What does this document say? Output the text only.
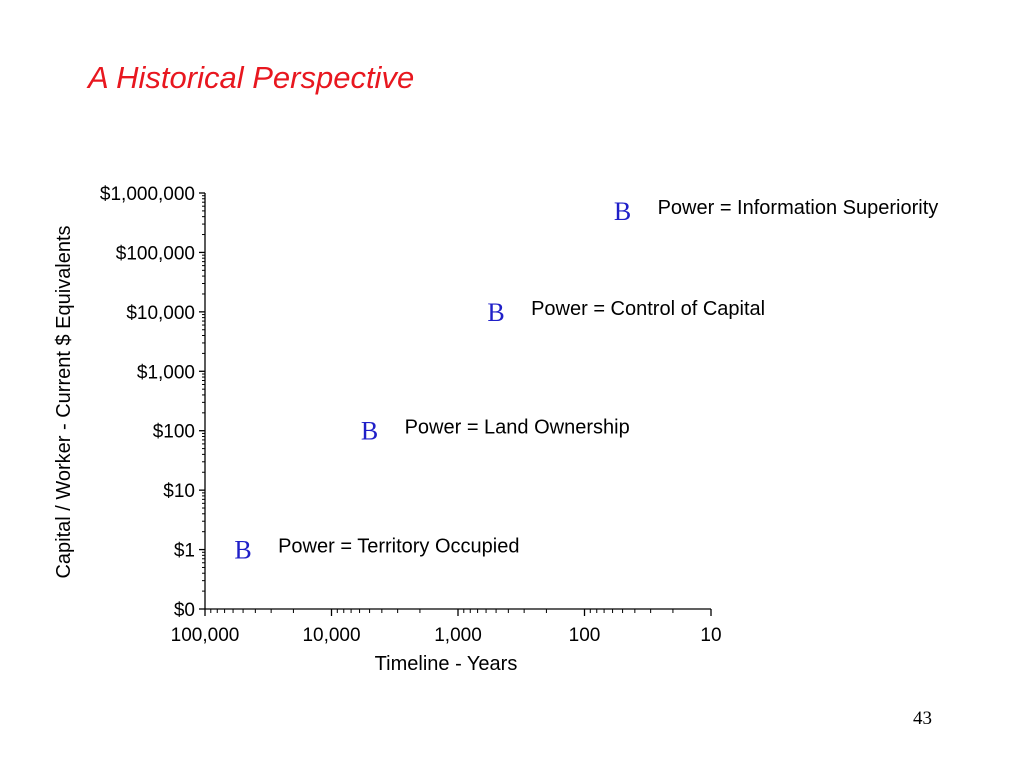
A Historical Perspective
$0
$1
$10
$100
$1,000
$10,000
$100,000
$1,000,000
100,000	10,000	1,000	100	10
Timeline - Years
Capital / Worker - Current $ Equivalents	B Power = Territory Occupied
B Power = Land Ownership
B Power = Control of Capital
B Power = Information Superiority
43
